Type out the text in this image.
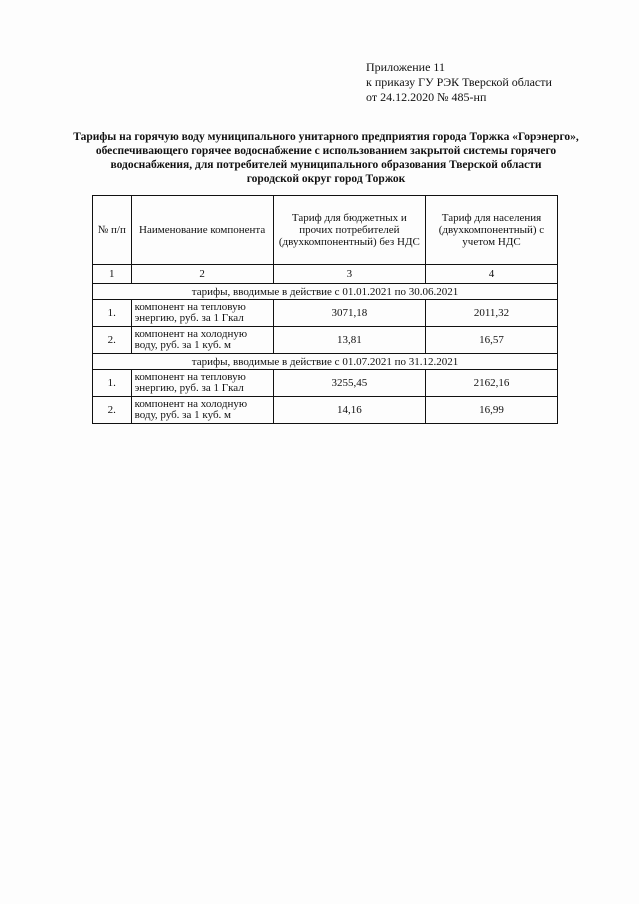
Приложение 11
к приказу ГУ РЭК Тверской области
от 24.12.2020 № 485-нп
Тарифы на горячую воду муниципального унитарного предприятия города Торжка «Горэнерго»,
обеспечивающего горячее водоснабжение с использованием закрытой системы горячего
водоснабжения, для потребителей муниципального образования Тверской области
городской округ город Торжок
№ п/п	Наименование компонента	Тариф для бюджетных и прочих потребителей (двухкомпонентный) без НДС	Тариф для населения (двухкомпонентный) с учетом НДС
1	2	3	4
тарифы, вводимые в действие с 01.01.2021 по 30.06.2021			
1.	компонент на тепловую энергию, руб. за 1 Гкал	3071,18	2011,32
2.	компонент на холодную воду, руб. за 1 куб. м	13,81	16,57
тарифы, вводимые в действие с 01.07.2021 по 31.12.2021			
1.	компонент на тепловую энергию, руб. за 1 Гкал	3255,45	2162,16
2.	компонент на холодную воду, руб. за 1 куб. м	14,16	16,99
